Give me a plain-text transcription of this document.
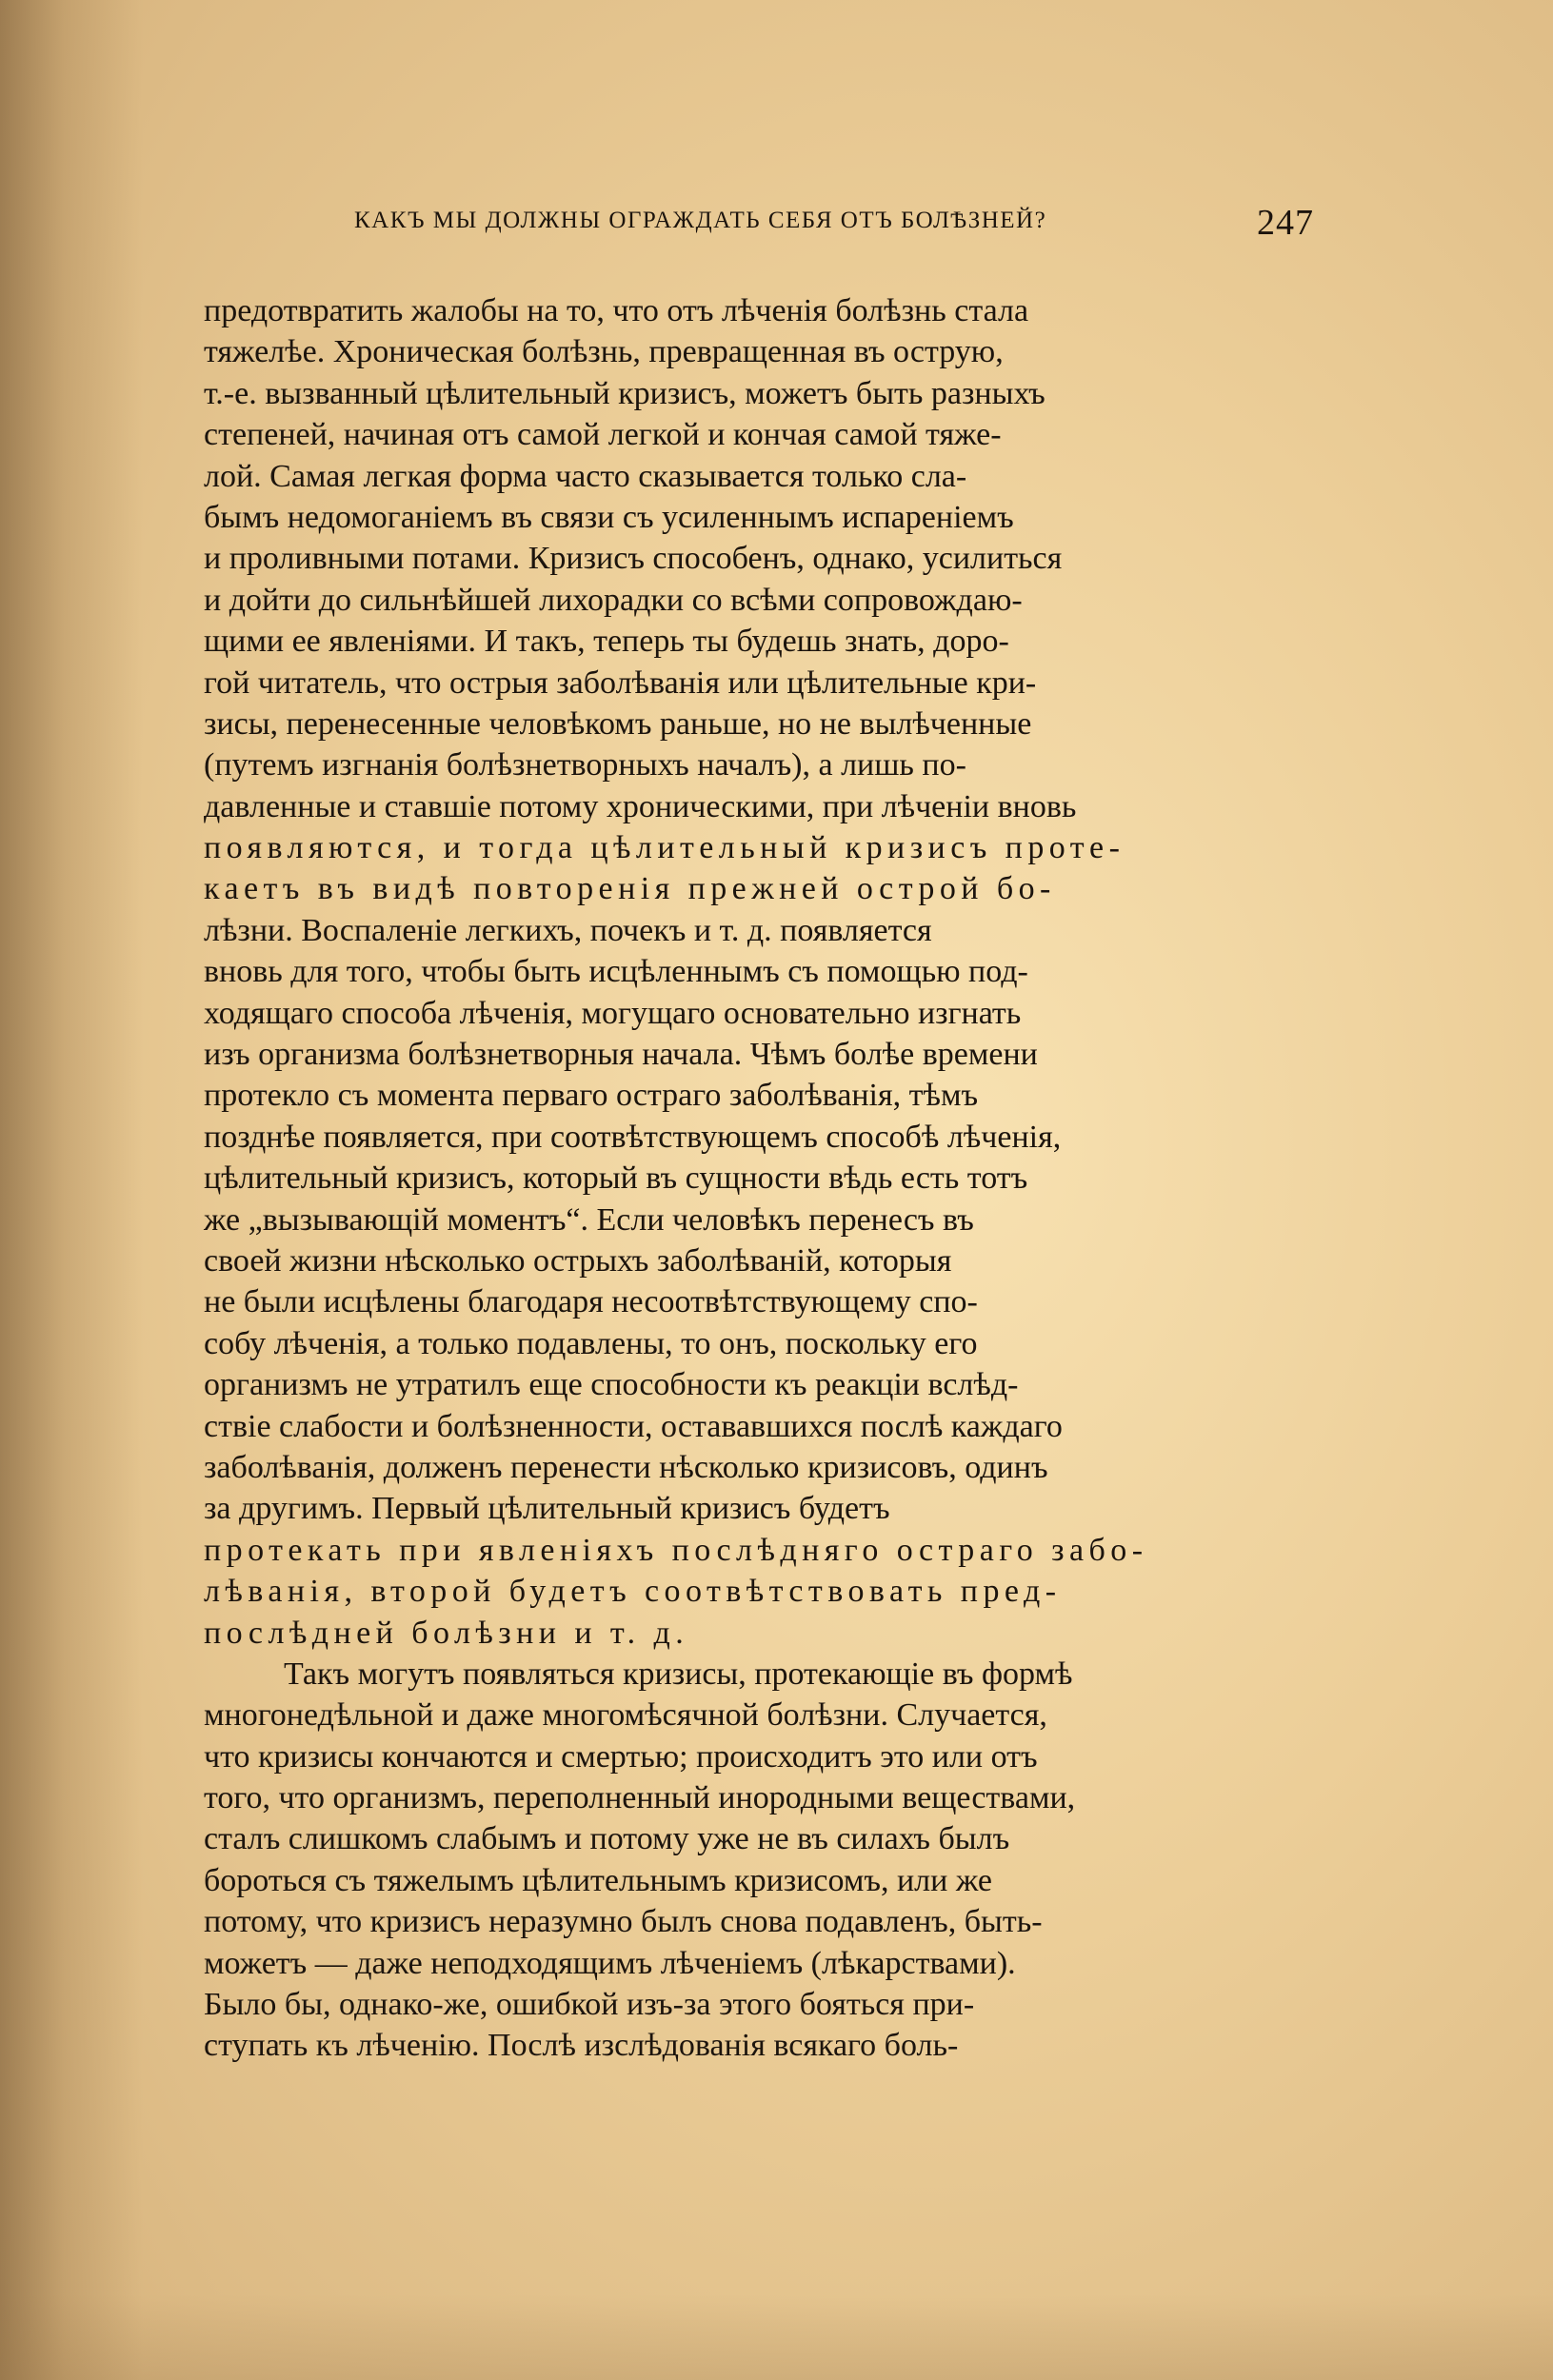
КАКЪ МЫ ДОЛЖНЫ ОГРАЖДАТЬ СЕБЯ ОТЪ БОЛѢЗНЕЙ?	247
предотвратить жалобы на то, что отъ лѣченія болѣзнь стала
тяжелѣе. Хроническая болѣзнь, превращенная въ острую,
т.-е. вызванный цѣлительный кризисъ, можетъ быть разныхъ
степеней, начиная отъ самой легкой и кончая самой тяже-
лой. Самая легкая форма часто сказывается только сла-
бымъ недомоганіемъ въ связи съ усиленнымъ испареніемъ
и проливными потами. Кризисъ способенъ, однако, усилиться
и дойти до сильнѣйшей лихорадки со всѣми сопровождаю-
щими ее явленіями. И такъ, теперь ты будешь знать, доро-
гой читатель, что острыя заболѣванія или цѣлительные кри-
зисы, перенесенные человѣкомъ раньше, но не вылѣченные
(путемъ изгнанія болѣзнетворныхъ началъ), а лишь по-
давленные и ставшіе потому хроническими, при лѣченіи вновь
появляются, и тогда цѣлительный кризисъ проте-
каетъ въ видѣ повторенія прежней острой бо-
лѣзни. Воспаленіе легкихъ, почекъ и т. д. появляется
вновь для того, чтобы быть исцѣленнымъ съ помощью под-
ходящаго способа лѣченія, могущаго основательно изгнать
изъ организма болѣзнетворныя начала. Чѣмъ болѣе времени
протекло съ момента перваго остраго заболѣванія, тѣмъ
позднѣе появляется, при соотвѣтствующемъ способѣ лѣченія,
цѣлительный кризисъ, который въ сущности вѣдь есть тотъ
же „вызывающій моментъ“. Если человѣкъ перенесъ въ
своей жизни нѣсколько острыхъ заболѣваній, которыя
не были исцѣлены благодаря несоотвѣтствующему спо-
собу лѣченія, а только подавлены, то онъ, поскольку его
организмъ не утратилъ еще способности къ реакціи вслѣд-
ствіе слабости и болѣзненности, остававшихся послѣ каждаго
заболѣванія, долженъ перенести нѣсколько кризисовъ, одинъ
за другимъ. Первый цѣлительный кризисъ будетъ
протекать при явленіяхъ послѣдняго остраго забо-
лѣванія, второй будетъ соотвѣтствовать пред-
послѣдней болѣзни и т. д.
Такъ могутъ появляться кризисы, протекающіе въ формѣ
многонедѣльной и даже многомѣсячной болѣзни. Случается,
что кризисы кончаются и смертью; происходитъ это или отъ
того, что организмъ, переполненный инородными веществами,
сталъ слишкомъ слабымъ и потому уже не въ силахъ былъ
бороться съ тяжелымъ цѣлительнымъ кризисомъ, или же
потому, что кризисъ неразумно былъ снова подавленъ, быть-
можетъ — даже неподходящимъ лѣченіемъ (лѣкарствами).
Было бы, однако-же, ошибкой изъ-за этого бояться при-
ступать къ лѣченію. Послѣ изслѣдованія всякаго боль-
